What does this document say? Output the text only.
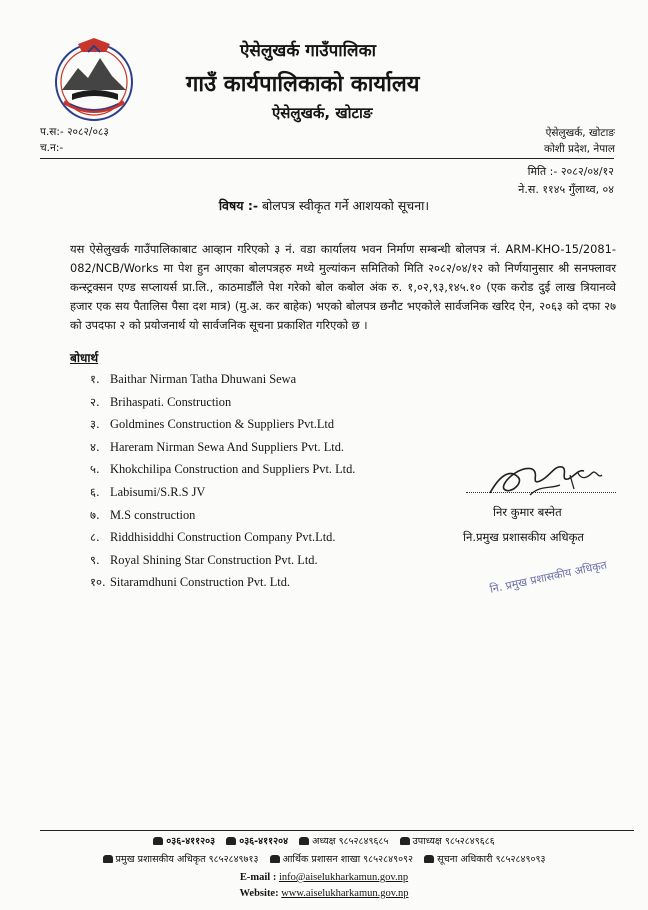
ऐसेलुखर्क गाउँपालिका
गाउँ कार्यपालिकाको कार्यालय
ऐसेलुखर्क, खोटाङ
प.स:- २०८२/०८३
च.न:-
ऐसेलुखर्क, खोटाङ
कोशी प्रदेश, नेपाल
मिति :- २०८२/०४/१२
ने.स. ११४५ गुँलाथ्व, ०४
विषय :- बोलपत्र स्वीकृत गर्ने आशयको सूचना।
यस ऐसेलुखर्क गाउँपालिकाबाट आव्हान गरिएको ३ नं. वडा कार्यालय भवन निर्माण सम्बन्धी बोलपत्र नं. ARM-KHO-15/2081-082/NCB/Works मा पेश हुन आएका बोलपत्रहरु मध्ये मुल्यांकन समितिको मिति २०८२/०४/१२ को निर्णयानुसार श्री सनफ्लावर कन्स्ट्रक्सन एण्ड सप्लायर्स प्रा.लि., काठमाडौँले पेश गरेको बोल कबोल अंक रु. १,०२,९३,१४५.१० (एक करोड दुई लाख त्रियानव्वे हजार एक सय पैतालिस पैसा दश मात्र) (मु.अ. कर बाहेक) भएको बोलपत्र छनौट भएकोले सार्वजनिक खरिद ऐन, २०६३ को दफा २७ को उपदफा २ को प्रयोजनार्थ यो सार्वजनिक सूचना प्रकाशित गरिएको छ ।
बोधार्थ
१. Baithar Nirman Tatha Dhuwani Sewa
२. Brihaspati. Construction
३. Goldmines Construction & Suppliers Pvt.Ltd
४. Hareram Nirman Sewa And Suppliers Pvt. Ltd.
५. Khokchilipa Construction and Suppliers Pvt. Ltd.
६. Labisumi/S.R.S JV
७. M.S construction
८. Riddhisiddhi Construction Company Pvt.Ltd.
९. Royal Shining Star Construction Pvt. Ltd.
१०. Sitaramdhuni Construction Pvt. Ltd.
निर कुमार बस्नेत
नि.प्रमुख प्रशासकीय अधिकृत
नि. प्रमुख प्रशासकीय अधिकृत
०३६-४११२०३	०३६-४११२०४	अध्यक्ष ९८५२८४९६८५	उपाध्यक्ष ९८५२८४९६८६
प्रमुख प्रशासकीय अधिकृत ९८५२८४९७१३	आर्थिक प्रशासन शाखा ९८५२८४९०९२	सूचना अधिकारी ९८५२८४९०९३
E-mail : info@aiselukharkamun.gov.np
Website: www.aiselukharkamun.gov.np
